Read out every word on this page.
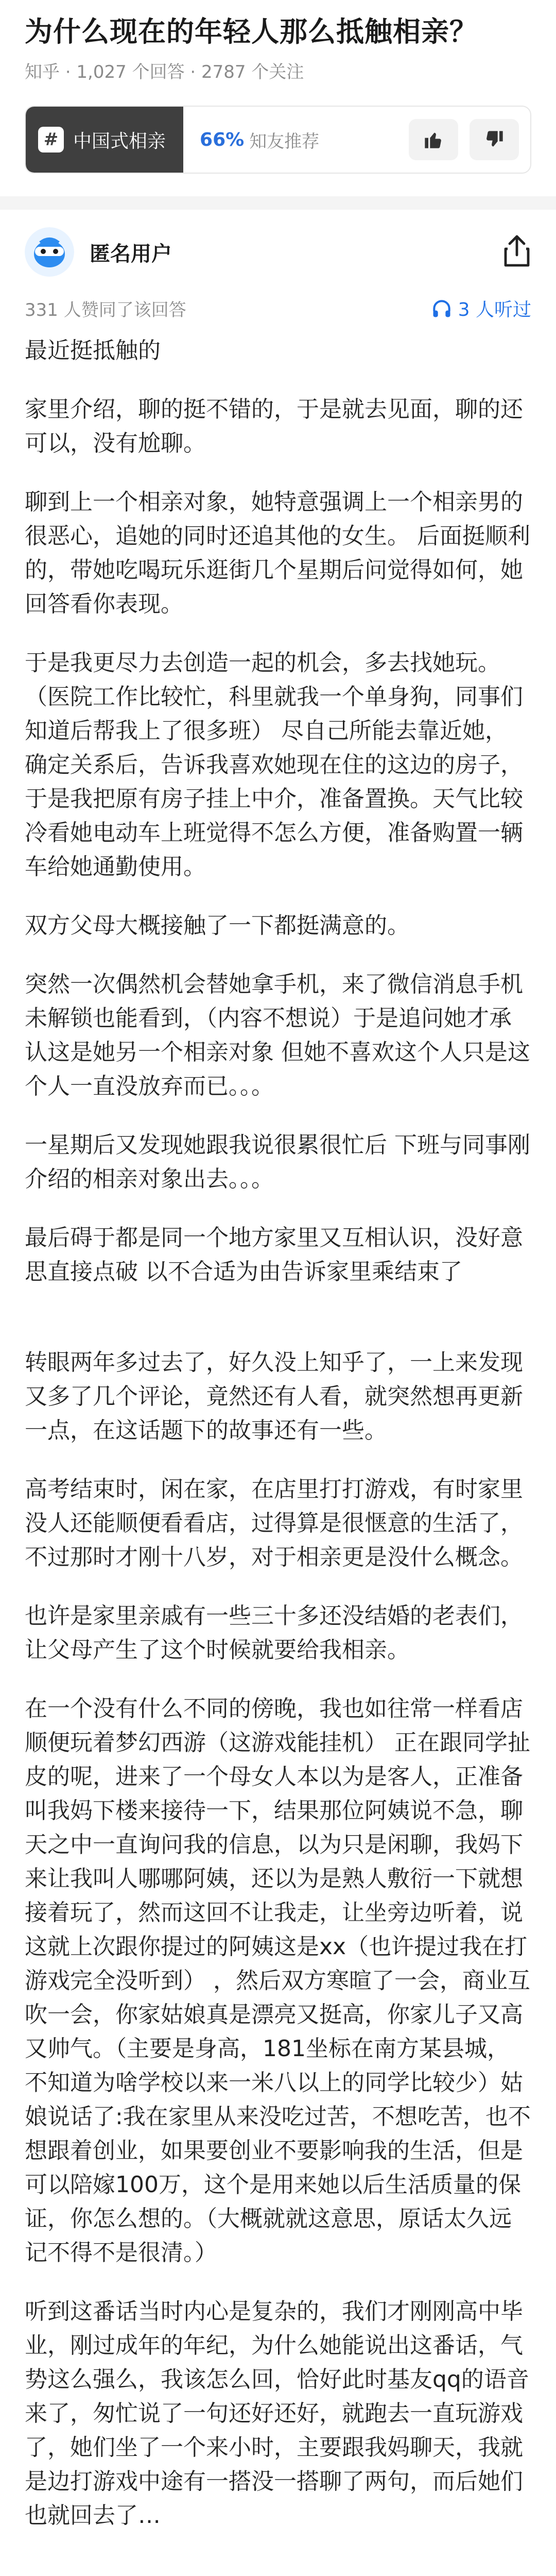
为什么现在的年轻人那么抵触相亲？
知乎 · 1,027 个回答 · 2787 个关注
# 中国式相亲 66% 知友推荐
匿名用户
331 人赞同了该回答	3 人听过

最近挺抵触的

家里介绍，聊的挺不错的，于是就去见面，聊的还可以，没有尬聊。

聊到上一个相亲对象，她特意强调上一个相亲男的很恶心，追她的同时还追其他的女生。 后面挺顺利的，带她吃喝玩乐逛街几个星期后问觉得如何，她回答看你表现。

于是我更尽力去创造一起的机会，多去找她玩。（医院工作比较忙，科里就我一个单身狗，同事们知道后帮我上了很多班） 尽自己所能去靠近她， 确定关系后，告诉我喜欢她现在住的这边的房子，于是我把原有房子挂上中介，准备置换。天气比较冷看她电动车上班觉得不怎么方便，准备购置一辆车给她通勤使用。

双方父母大概接触了一下都挺满意的。

突然一次偶然机会替她拿手机，来了微信消息手机未解锁也能看到，（内容不想说）于是追问她才承认这是她另一个相亲对象 但她不喜欢这个人只是这个人一直没放弃而已。。。

一星期后又发现她跟我说很累很忙后 下班与同事刚介绍的相亲对象出去。。。

最后碍于都是同一个地方家里又互相认识，没好意思直接点破 以不合适为由告诉家里乘结束了

转眼两年多过去了，好久没上知乎了，一上来发现又多了几个评论，竟然还有人看，就突然想再更新一点，在这话题下的故事还有一些。

高考结束时，闲在家，在店里打打游戏，有时家里没人还能顺便看看店，过得算是很惬意的生活了，不过那时才刚十八岁，对于相亲更是没什么概念。

也许是家里亲戚有一些三十多还没结婚的老表们，让父母产生了这个时候就要给我相亲。

在一个没有什么不同的傍晚，我也如往常一样看店顺便玩着梦幻西游（这游戏能挂机） 正在跟同学扯皮的呢，进来了一个母女人本以为是客人，正准备叫我妈下楼来接待一下，结果那位阿姨说不急，聊天之中一直询问我的信息，以为只是闲聊，我妈下来让我叫人哪哪阿姨，还以为是熟人敷衍一下就想接着玩了，然而这回不让我走，让坐旁边听着，说这就上次跟你提过的阿姨这是xx（也许提过我在打游戏完全没听到） ，然后双方寒暄了一会，商业互吹一会，你家姑娘真是漂亮又挺高，你家儿子又高又帅气。（主要是身高，181坐标在南方某县城，不知道为啥学校以来一米八以上的同学比较少）姑娘说话了:我在家里从来没吃过苦，不想吃苦，也不想跟着创业，如果要创业不要影响我的生活，但是可以陪嫁100万，这个是用来她以后生活质量的保证，你怎么想的。（大概就就这意思，原话太久远记不得不是很清。）

听到这番话当时内心是复杂的，我们才刚刚高中毕业，刚过成年的年纪，为什么她能说出这番话，气势这么强么，我该怎么回，恰好此时基友qq的语音来了，匆忙说了一句还好还好，就跑去一直玩游戏了，她们坐了一个来小时，主要跟我妈聊天，我就是边打游戏中途有一搭没一搭聊了两句，而后她们也就回去了…
